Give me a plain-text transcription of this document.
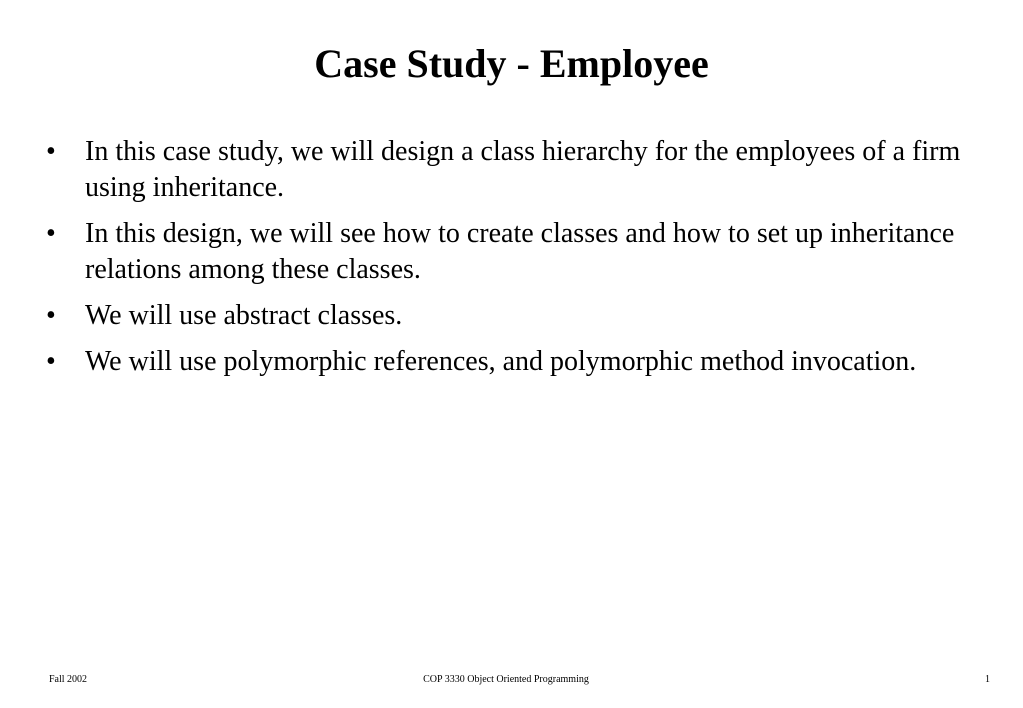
Case Study - Employee
•	In this case study, we will design a class hierarchy for the employees of a firm using inheritance.
•	In this design, we will see how to create classes and how to set up inheritance relations among these classes.
•	We will use abstract classes.
•	We will use polymorphic references, and polymorphic method invocation.
Fall 2002	COP 3330 Object Oriented Programming	1
